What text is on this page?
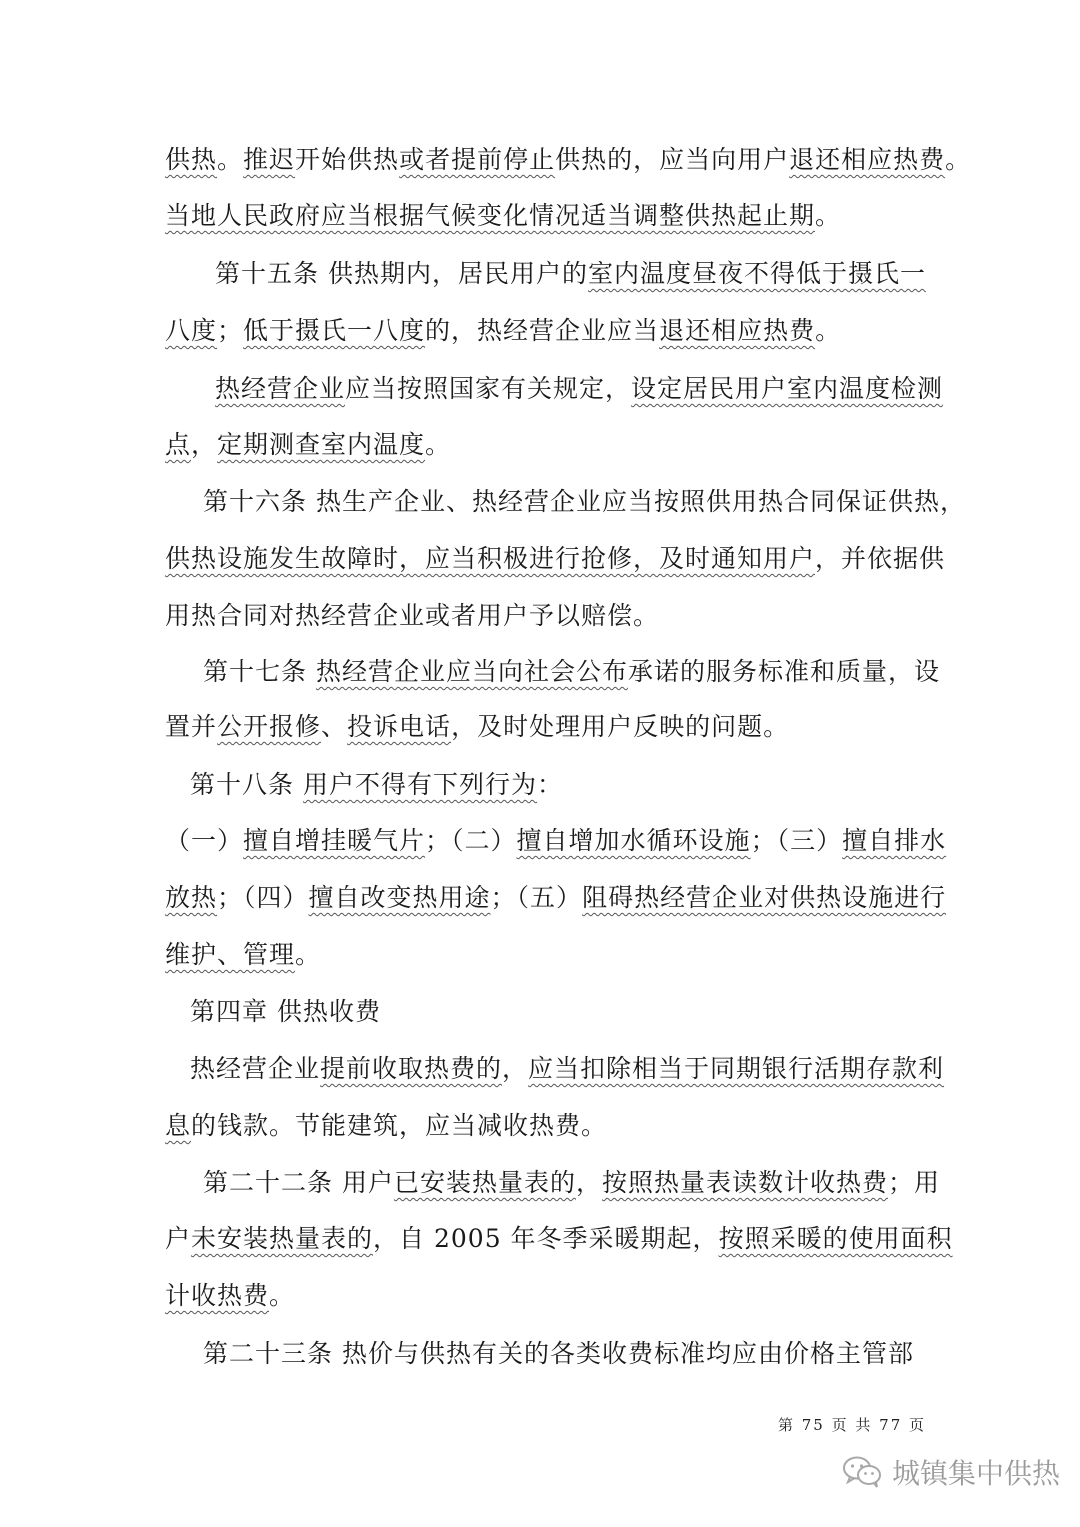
供热。推迟开始供热或者提前停止供热的，应当向用户退还相应热费。
当地人民政府应当根据气候变化情况适当调整供热起止期。
第十五条 供热期内，居民用户的室内温度昼夜不得低于摄氏一
八度；低于摄氏一八度的，热经营企业应当退还相应热费。
热经营企业应当按照国家有关规定，设定居民用户室内温度检测
点，定期测查室内温度。
第十六条 热生产企业、热经营企业应当按照供用热合同保证供热，
供热设施发生故障时，应当积极进行抢修，及时通知用户，并依据供
用热合同对热经营企业或者用户予以赔偿。
第十七条 热经营企业应当向社会公布承诺的服务标准和质量，设
置并公开报修、投诉电话，及时处理用户反映的问题。
第十八条 用户不得有下列行为：
（一）擅自增挂暖气片；（二）擅自增加水循环设施；（三）擅自排水
放热；（四）擅自改变热用途；（五）阻碍热经营企业对供热设施进行
维护、管理。
第四章 供热收费
热经营企业提前收取热费的，应当扣除相当于同期银行活期存款利
息的钱款。节能建筑，应当减收热费。
第二十二条 用户已安装热量表的，按照热量表读数计收热费；用
户未安装热量表的，自 2005 年冬季采暖期起，按照采暖的使用面积
计收热费。
第二十三条 热价与供热有关的各类收费标准均应由价格主管部
第 75 页 共 77 页
城镇集中供热
